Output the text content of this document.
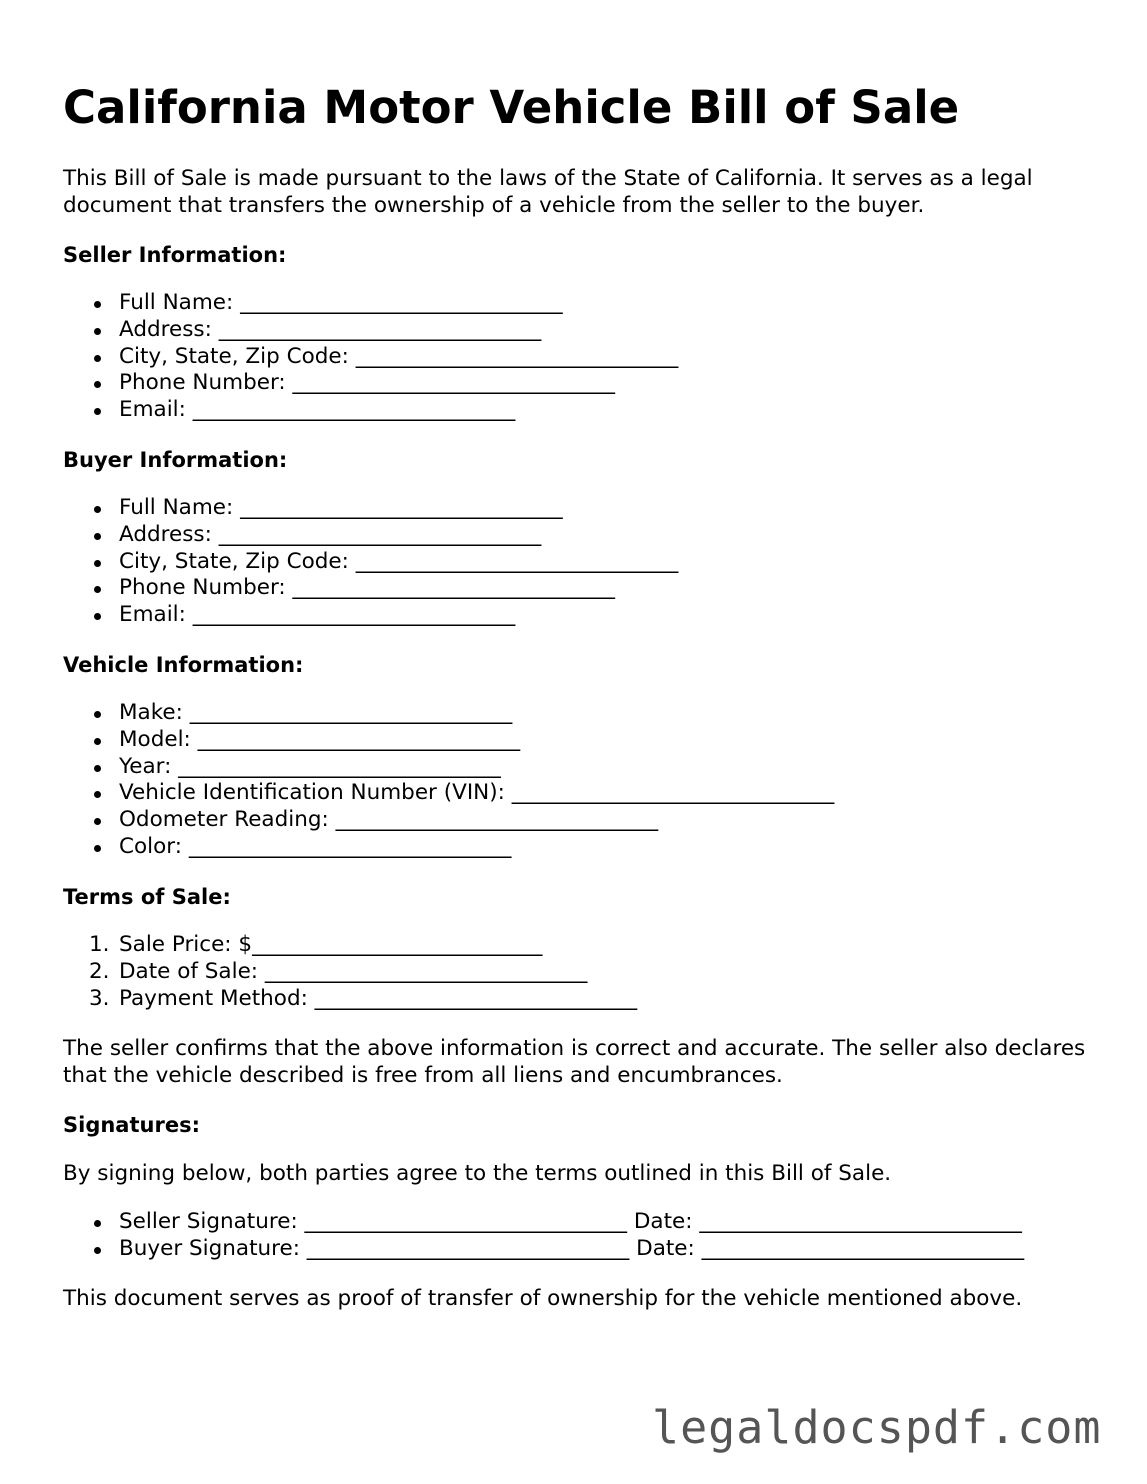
California Motor Vehicle Bill of Sale

This Bill of Sale is made pursuant to the laws of the State of California. It serves as a legal document that transfers the ownership of a vehicle from the seller to the buyer.

Seller Information:

Full Name: ______________________________
Address: ______________________________
City, State, Zip Code: ______________________________
Phone Number: ______________________________
Email: ______________________________

Buyer Information:

Full Name: ______________________________
Address: ______________________________
City, State, Zip Code: ______________________________
Phone Number: ______________________________
Email: ______________________________

Vehicle Information:

Make: ______________________________
Model: ______________________________
Year: ______________________________
Vehicle Identification Number (VIN): ______________________________
Odometer Reading: ______________________________
Color: ______________________________

Terms of Sale:

1. Sale Price: $___________________________
2. Date of Sale: ______________________________
3. Payment Method: ______________________________

The seller confirms that the above information is correct and accurate. The seller also declares that the vehicle described is free from all liens and encumbrances.

Signatures:

By signing below, both parties agree to the terms outlined in this Bill of Sale.

Seller Signature: ______________________________ Date: ______________________________
Buyer Signature: ______________________________ Date: ______________________________

This document serves as proof of transfer of ownership for the vehicle mentioned above.

legaldocspdf.com
